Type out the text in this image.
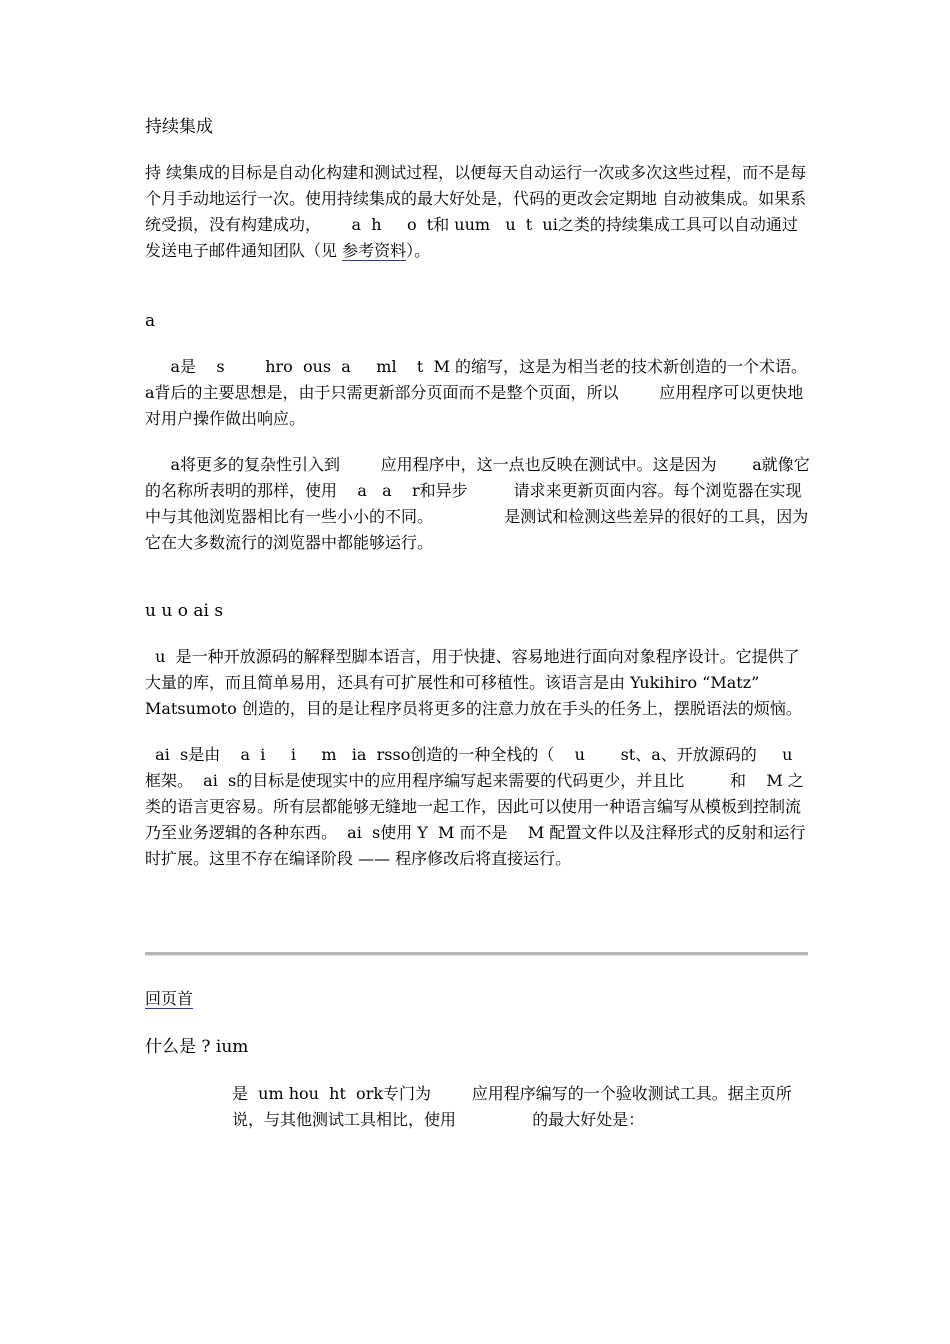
持续集成

持 续集成的目标是自动化构建和测试过程，以便每天自动运行一次或多次这些过程，而不是每个月手动地运行一次。使用持续集成的最大好处是，代码的更改会定期地 自动被集成。如果系统受损，没有构建成功，      a  h     o  t和 uum   u  t  ui之类的持续集成工具可以自动通过发送电子邮件通知团队（见 参考资料）。

a

a是    s        hro  ous  a     ml    t  M 的缩写，这是为相当老的技术新创造的一个术语。     a背后的主要思想是，由于只需更新部分页面而不是整个页面，所以        应用程序可以更快地对用户操作做出响应。

a将更多的复杂性引入到        应用程序中，这一点也反映在测试中。这是因为       a就像它的名称所表明的那样，使用    a   a    r和异步         请求来更新页面内容。每个浏览器在实现中与其他浏览器相比有一些小小的不同。              是测试和检测这些差异的很好的工具，因为它在大多数流行的浏览器中都能够运行。

u u o ai s

u  是一种开放源码的解释型脚本语言，用于快捷、容易地进行面向对象程序设计。它提供了大量的库，而且简单易用，还具有可扩展性和可移植性。该语言是由 Yukihiro “Matz” Matsumoto 创造的，目的是让程序员将更多的注意力放在手头的任务上，摆脱语法的烦恼。

ai  s是由    a  i     i     m   ia  rsso创造的一种全栈的（    u       st、a、开放源码的     u        框架。  ai  s的目标是使现实中的应用程序编写起来需要的代码更少，并且比         和    M 之类的语言更容易。所有层都能够无缝地一起工作，因此可以使用一种语言编写从模板到控制流乃至业务逻辑的各种东西。  ai  s使用 Y  M 而不是    M 配置文件以及注释形式的反射和运行时扩展。这里不存在编译阶段 —— 程序修改后将直接运行。

回页首
什么是 ? ium

是  um hou  ht  ork专门为        应用程序编写的一个验收测试工具。据主页所说，与其他测试工具相比，使用               的最大好处是：
